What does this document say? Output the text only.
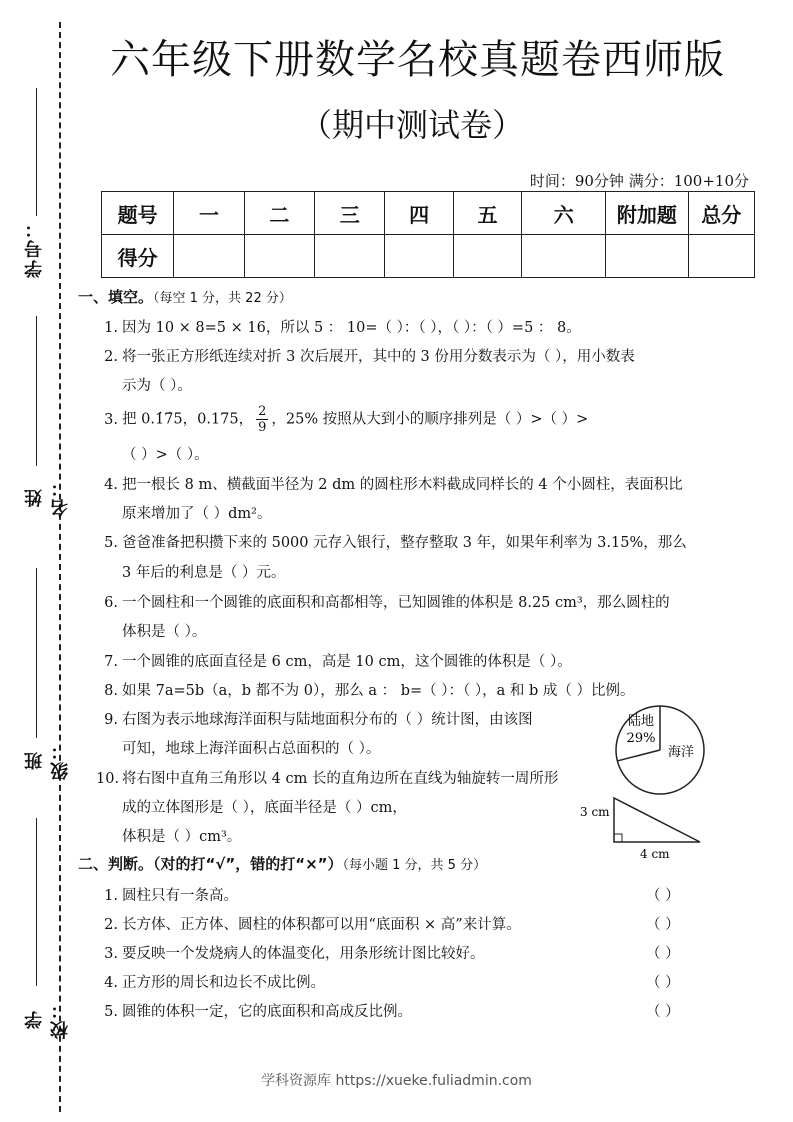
学号：
姓名：
班级：
学校：
六年级下册数学名校真题卷西师版
（期中测试卷）
时间：90分钟 满分：100+10分
题号	一	二	三	四	五	六	附加题	总分
得分								
一、填空。（每空 1 分，共 22 分）
1. 因为 10 × 8=5 × 16，所以 5 ： 10=（ ）：（ ），（ ）：（ ）=5 ： 8。
2. 将一张正方形纸连续对折 3 次后展开，其中的 3 份用分数表示为（ ），用小数表
示为（ ）。
3. 把 0.1̇7̇5，0.175， $\frac{2}{9}$ ，25% 按照从大到小的顺序排列是（ ）>（ ）>
（ ）>（ ）。
4. 把一根长 8 m、横截面半径为 2 dm 的圆柱形木料截成同样长的 4 个小圆柱，表面积比
原来增加了（ ）dm²。
5. 爸爸准备把积攒下来的 5000 元存入银行，整存整取 3 年，如果年利率为 3.15%，那么
3 年后的利息是（ ）元。
6. 一个圆柱和一个圆锥的底面积和高都相等，已知圆锥的体积是 8.25 cm³，那么圆柱的
体积是（ ）。
7. 一个圆锥的底面直径是 6 cm，高是 10 cm，这个圆锥的体积是（ ）。
8. 如果 7a=5b（a，b 都不为 0），那么 a ： b=（ ）：（ ），a 和 b 成（ ）比例。
9. 右图为表示地球海洋面积与陆地面积分布的（ ）统计图，由该图
可知，地球上海洋面积占总面积的（ ）。
10. 将右图中直角三角形以 4 cm 长的直角边所在直线为轴旋转一周所形
成的立体图形是（ ），底面半径是（ ）cm，
体积是（ ）cm³。
陆地
29%
海洋
3 cm
4 cm
二、判断。（对的打“√”，错的打“×”）（每小题 1 分，共 5 分）
1. 圆柱只有一条高。	（ ）
2. 长方体、正方体、圆柱的体积都可以用“底面积 × 高”来计算。	（ ）
3. 要反映一个发烧病人的体温变化，用条形统计图比较好。	（ ）
4. 正方形的周长和边长不成比例。	（ ）
5. 圆锥的体积一定，它的底面积和高成反比例。	（ ）
学科资源库 https://xueke.fuliadmin.com
